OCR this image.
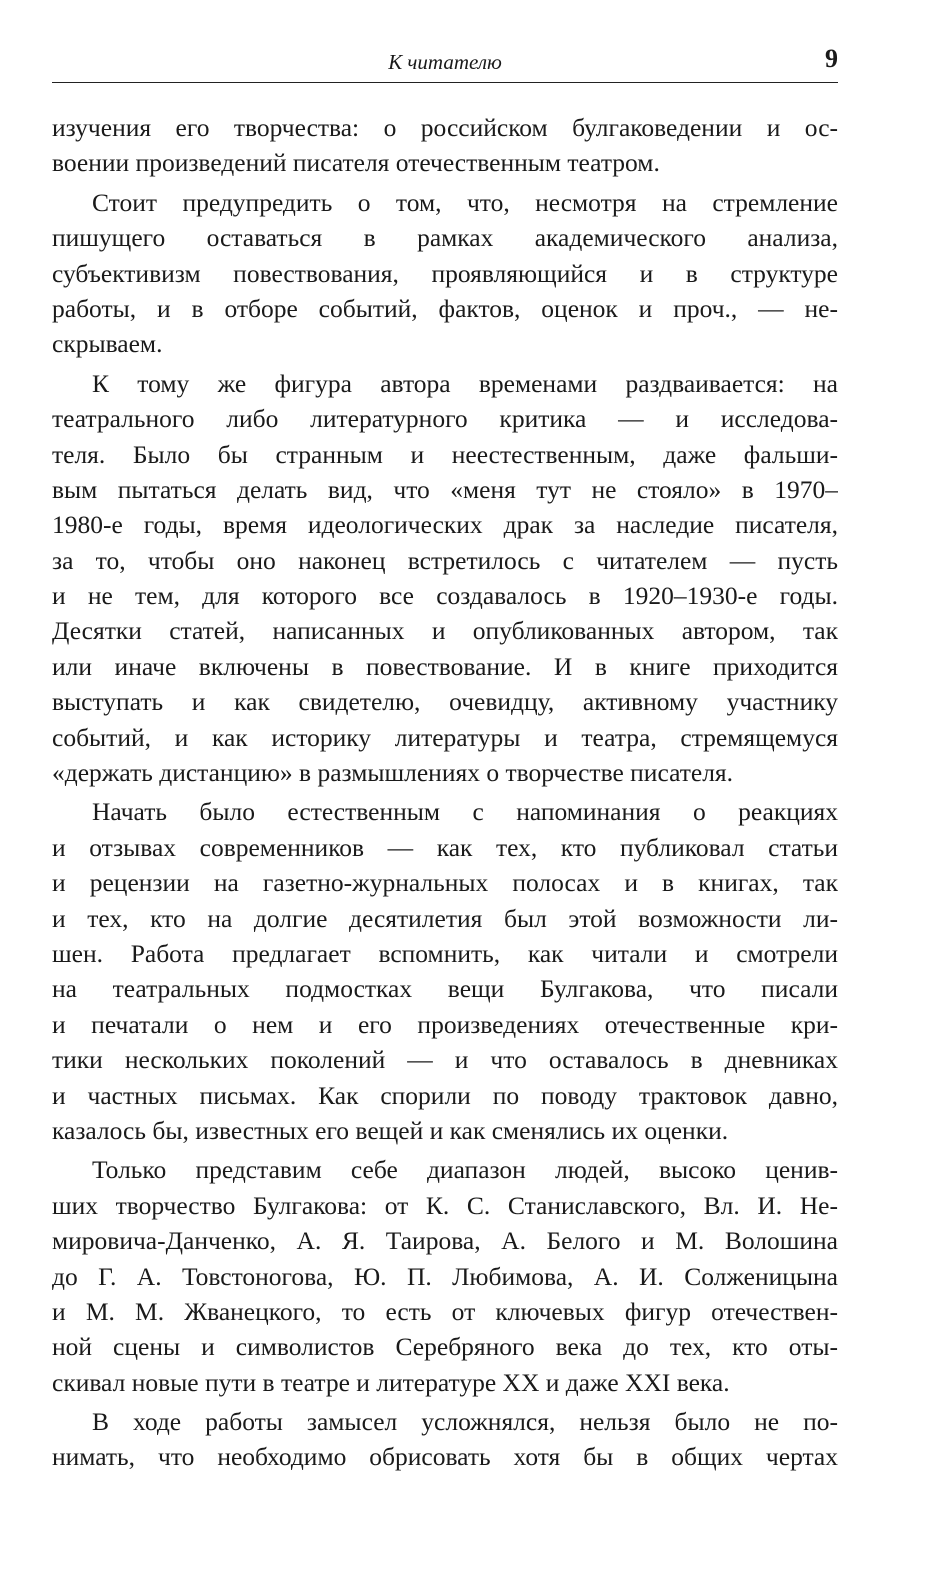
К читателю	9
изучения его творчества: о российском булгаковедении и ос-
воении произведений писателя отечественным театром.
Стоит предупредить о том, что, несмотря на стремление
пишущего оставаться в рамках академического анализа,
субъективизм повествования, проявляющийся и в структуре
работы, и в отборе событий, фактов, оценок и проч., — не-
скрываем.
К тому же фигура автора временами раздваивается: на
театрального либо литературного критика — и исследова-
теля. Было бы странным и неестественным, даже фальши-
вым пытаться делать вид, что «меня тут не стояло» в 1970–
1980-е годы, время идеологических драк за наследие писателя,
за то, чтобы оно наконец встретилось с читателем — пусть
и не тем, для которого все создавалось в 1920–1930-е годы.
Десятки статей, написанных и опубликованных автором, так
или иначе включены в повествование. И в книге приходится
выступать и как свидетелю, очевидцу, активному участнику
событий, и как историку литературы и театра, стремящемуся
«держать дистанцию» в размышлениях о творчестве писателя.
Начать было естественным с напоминания о реакциях
и отзывах современников — как тех, кто публиковал статьи
и рецензии на газетно-журнальных полосах и в книгах, так
и тех, кто на долгие десятилетия был этой возможности ли-
шен. Работа предлагает вспомнить, как читали и смотрели
на театральных подмостках вещи Булгакова, что писали
и печатали о нем и его произведениях отечественные кри-
тики нескольких поколений — и что оставалось в дневниках
и частных письмах. Как спорили по поводу трактовок давно,
казалось бы, известных его вещей и как сменялись их оценки.
Только представим себе диапазон людей, высоко ценив-
ших творчество Булгакова: от К. С. Станиславского, Вл. И. Не-
мировича-Данченко, А. Я. Таирова, А. Белого и М. Волошина
до Г. А. Товстоногова, Ю. П. Любимова, А. И. Солженицына
и М. М. Жванецкого, то есть от ключевых фигур отечествен-
ной сцены и символистов Серебряного века до тех, кто оты-
скивал новые пути в театре и литературе XX и даже XXI века.
В ходе работы замысел усложнялся, нельзя было не по-
нимать, что необходимо обрисовать хотя бы в общих чертах
